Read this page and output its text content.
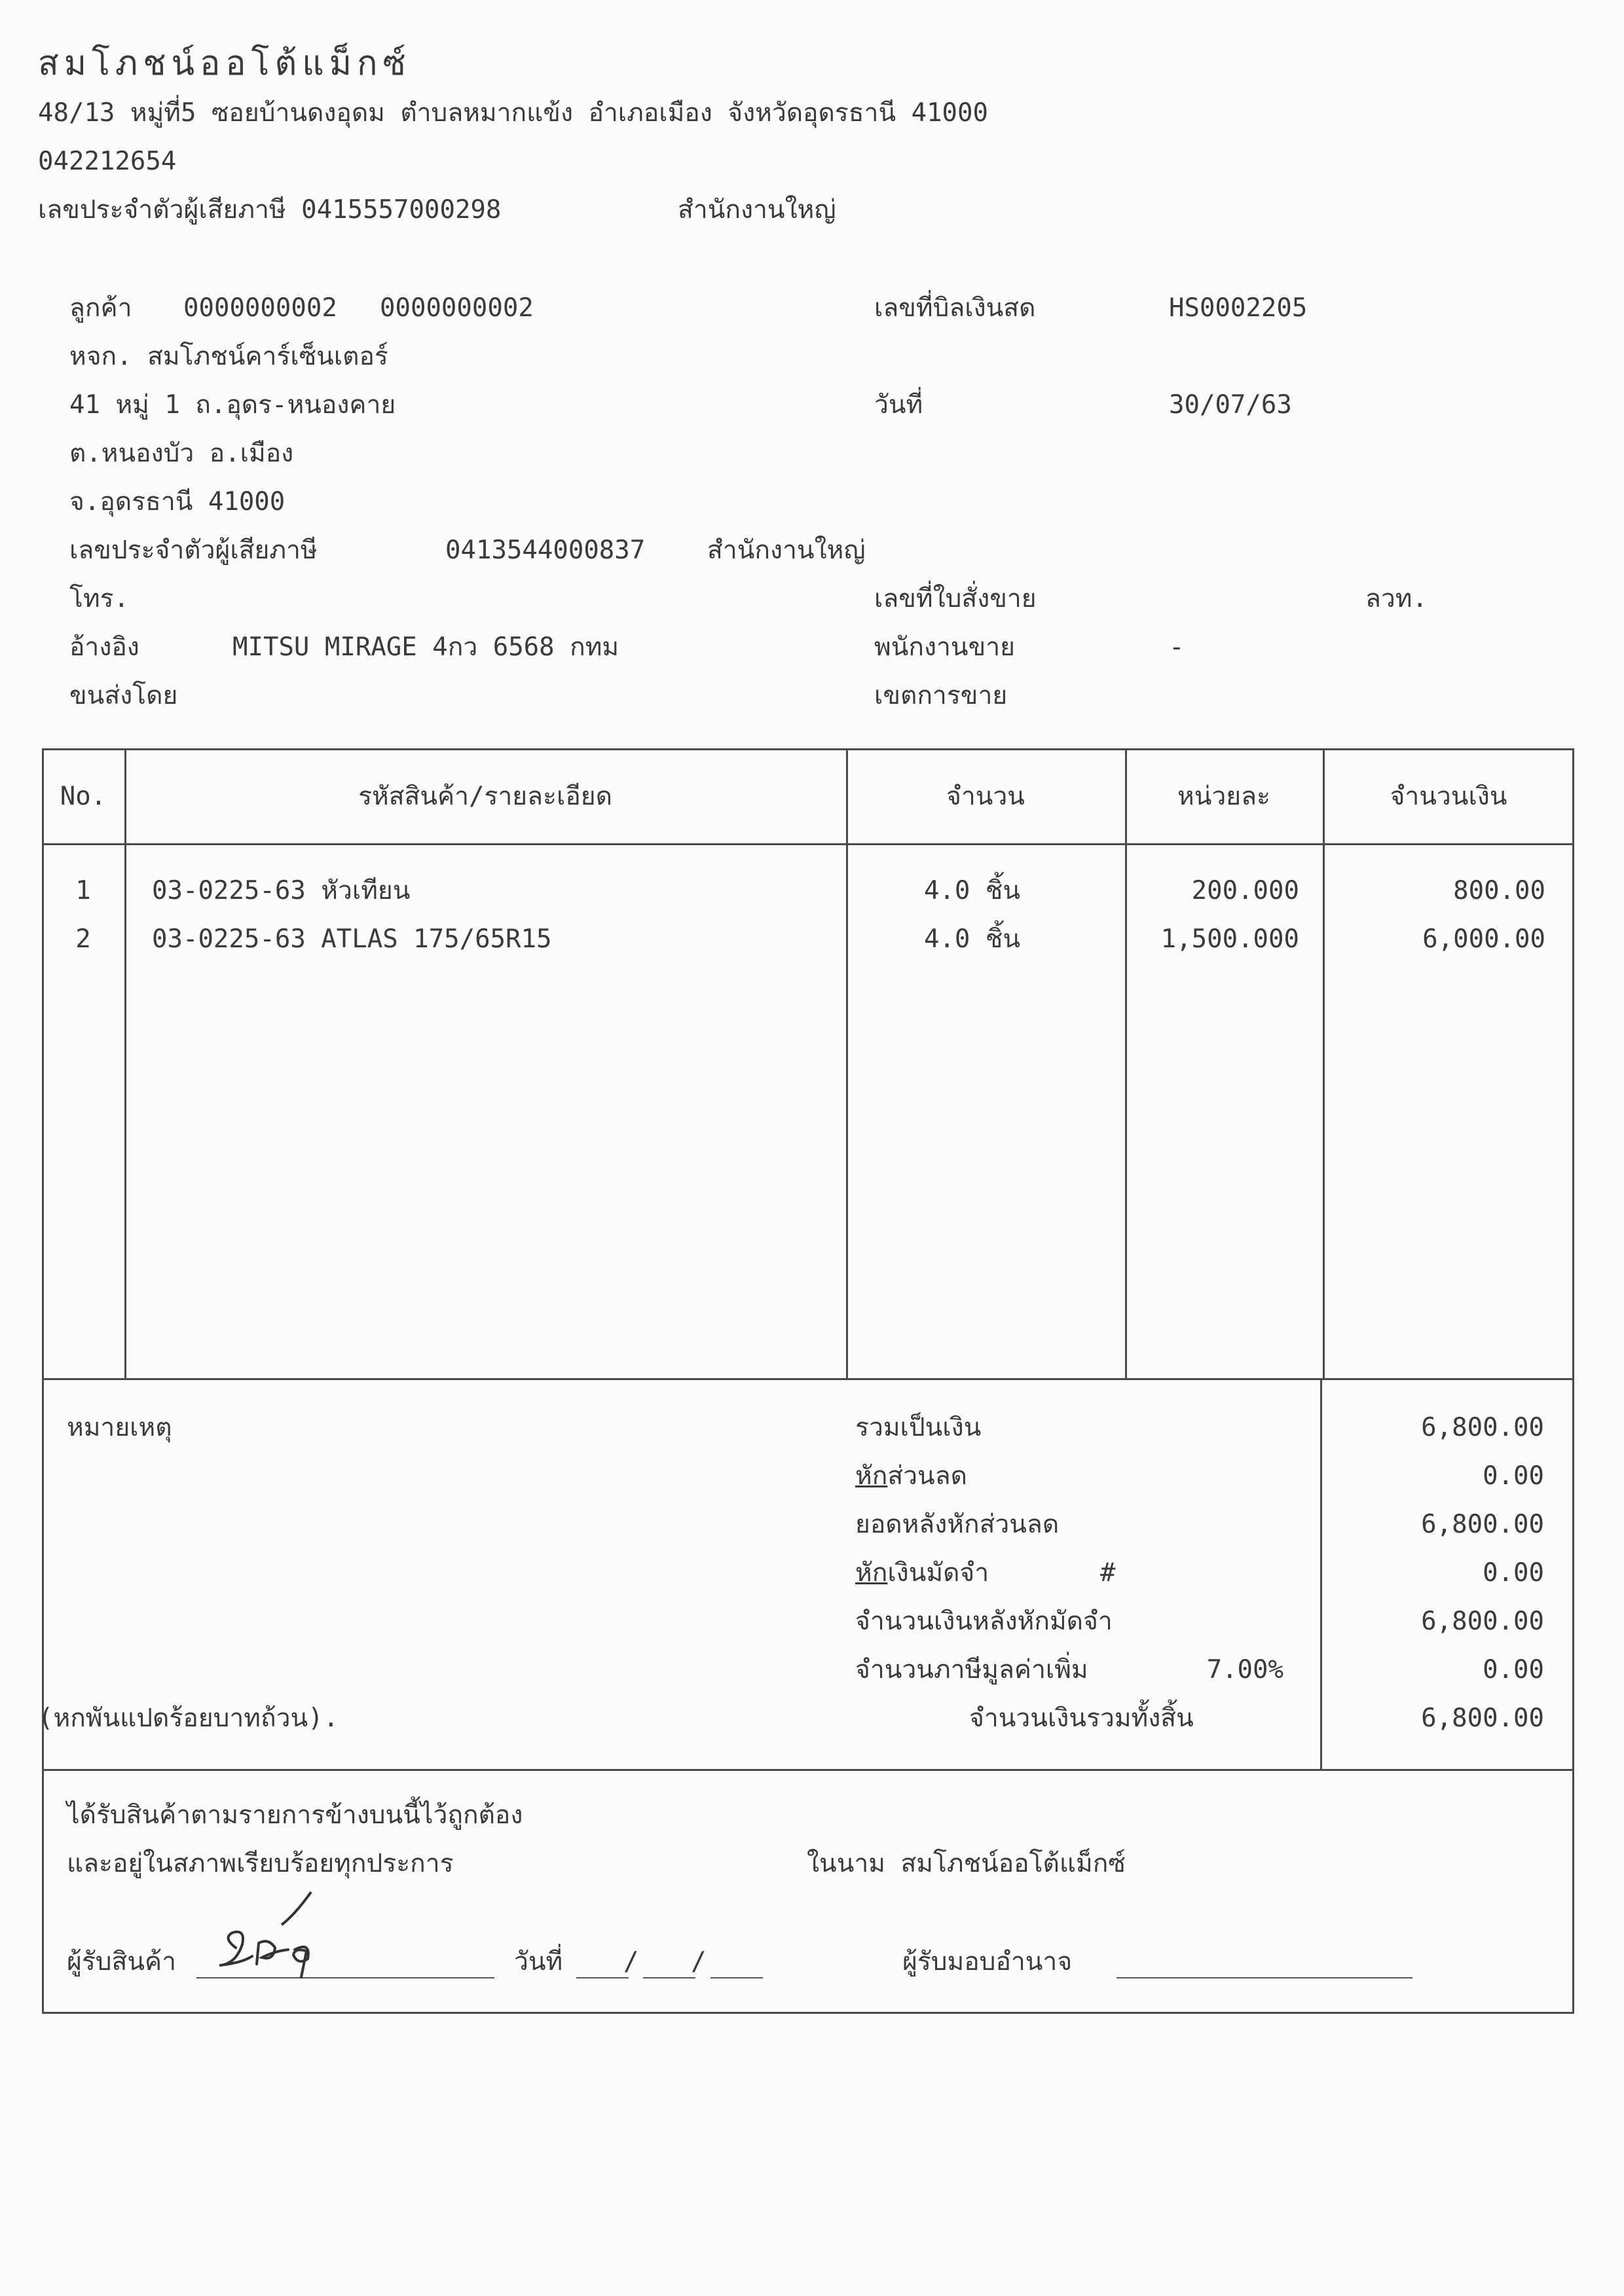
สมโภชน์ออโต้แม็กซ์
48/13 หมู่ที่5 ซอยบ้านดงอุดม ตำบลหมากแข้ง อำเภอเมือง จังหวัดอุดรธานี 41000
042212654
เลขประจำตัวผู้เสียภาษี 0415557000298	สำนักงานใหญ่
ลูกค้า 0000000002 0000000002
หจก. สมโภชน์คาร์เซ็นเตอร์
41 หมู่ 1 ถ.อุดร-หนองคาย
ต.หนองบัว อ.เมือง
จ.อุดรธานี 41000
เลขประจำตัวผู้เสียภาษี	0413544000837 สำนักงานใหญ่
โทร.
อ้างอิง	MITSU MIRAGE 4กว 6568 กทม
ขนส่งโดย
เลขที่บิลเงินสด	HS0002205
วันที่	30/07/63
เลขที่ใบสั่งขาย	ลวท.
พนักงานขาย	-
เขตการขาย
No.	รหัสสินค้า/รายละเอียด	จำนวน	หน่วยละ	จำนวนเงิน
1	03-0225-63 หัวเทียน	4.0 ชิ้น	200.000	800.00
2	03-0225-63 ATLAS 175/65R15	4.0 ชิ้น	1,500.000	6,000.00
หมายเหตุ
(หกพันแปดร้อยบาทถ้วน).
รวมเป็นเงิน	6,800.00
หักส่วนลด	0.00
ยอดหลังหักส่วนลด	6,800.00
หักเงินมัดจำ	#	0.00
จำนวนเงินหลังหักมัดจำ	6,800.00
จำนวนภาษีมูลค่าเพิ่ม	7.00%	0.00
จำนวนเงินรวมทั้งสิ้น	6,800.00
ได้รับสินค้าตามรายการข้างบนนี้ไว้ถูกต้อง
และอยู่ในสภาพเรียบร้อยทุกประการ	ในนาม สมโภชน์ออโต้แม็กซ์
ผู้รับสินค้า	วันที่ / /	ผู้รับมอบอำนาจ
